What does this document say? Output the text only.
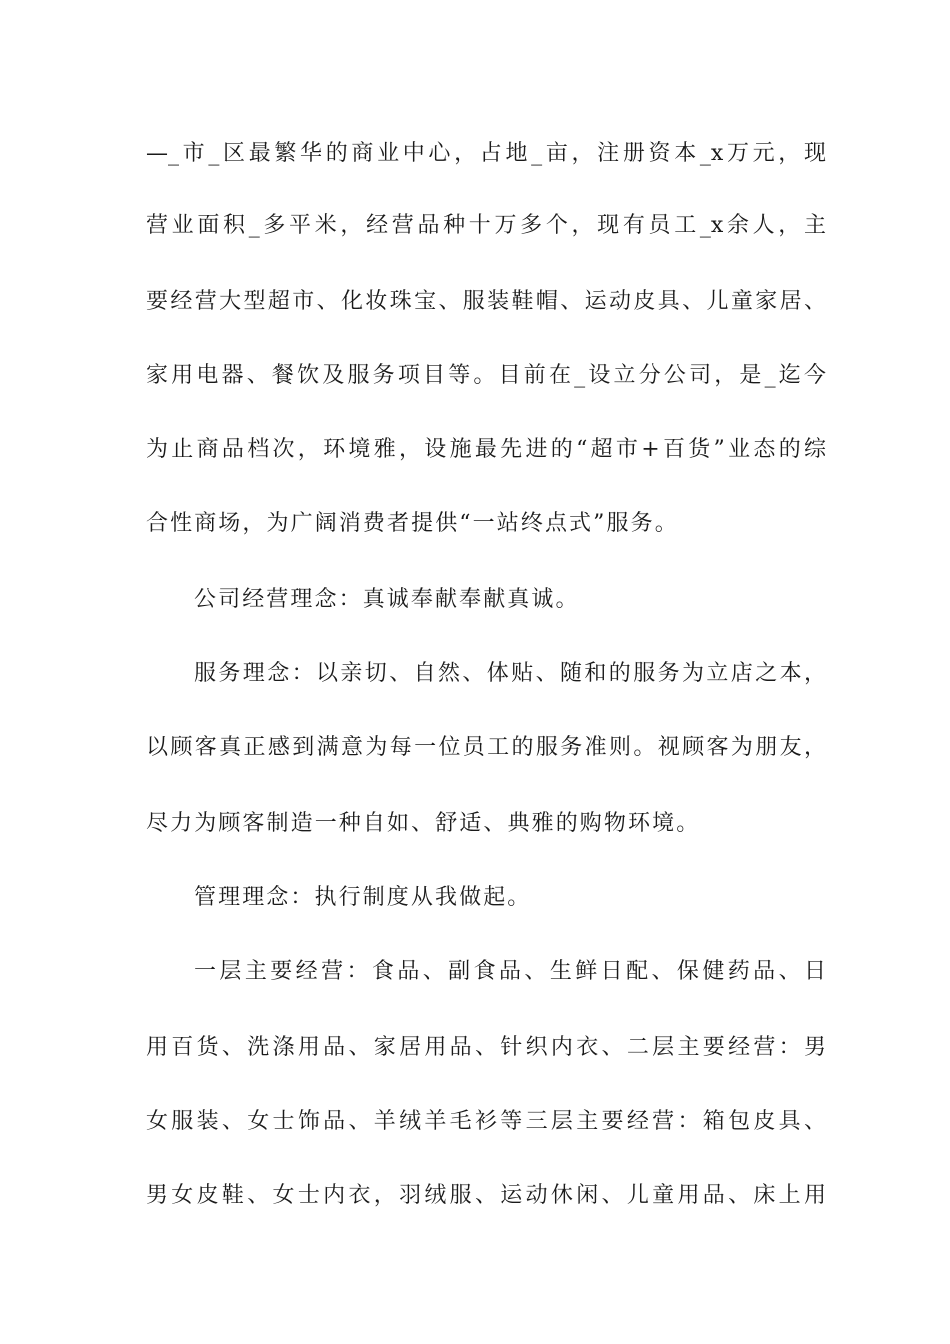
—_市_区最繁华的商业中心，占地_亩，注册资本_x万元，现
营业面积_多平米，经营品种十万多个，现有员工_x余人，主
要经营大型超市、化妆珠宝、服装鞋帽、运动皮具、儿童家居、
家用电器、餐饮及服务项目等。目前在_设立分公司，是_迄今
为止商品档次，环境雅，设施最先进的“超市+百货”业态的综
合性商场，为广阔消费者提供“一站终点式”服务。
公司经营理念：真诚奉献奉献真诚。
服务理念：以亲切、自然、体贴、随和的服务为立店之本，
以顾客真正感到满意为每一位员工的服务准则。视顾客为朋友，
尽力为顾客制造一种自如、舒适、典雅的购物环境。
管理理念：执行制度从我做起。
一层主要经营：食品、副食品、生鲜日配、保健药品、日
用百货、洗涤用品、家居用品、针织内衣、二层主要经营：男
女服装、女士饰品、羊绒羊毛衫等三层主要经营：箱包皮具、
男女皮鞋、女士内衣，羽绒服、运动休闲、儿童用品、床上用
